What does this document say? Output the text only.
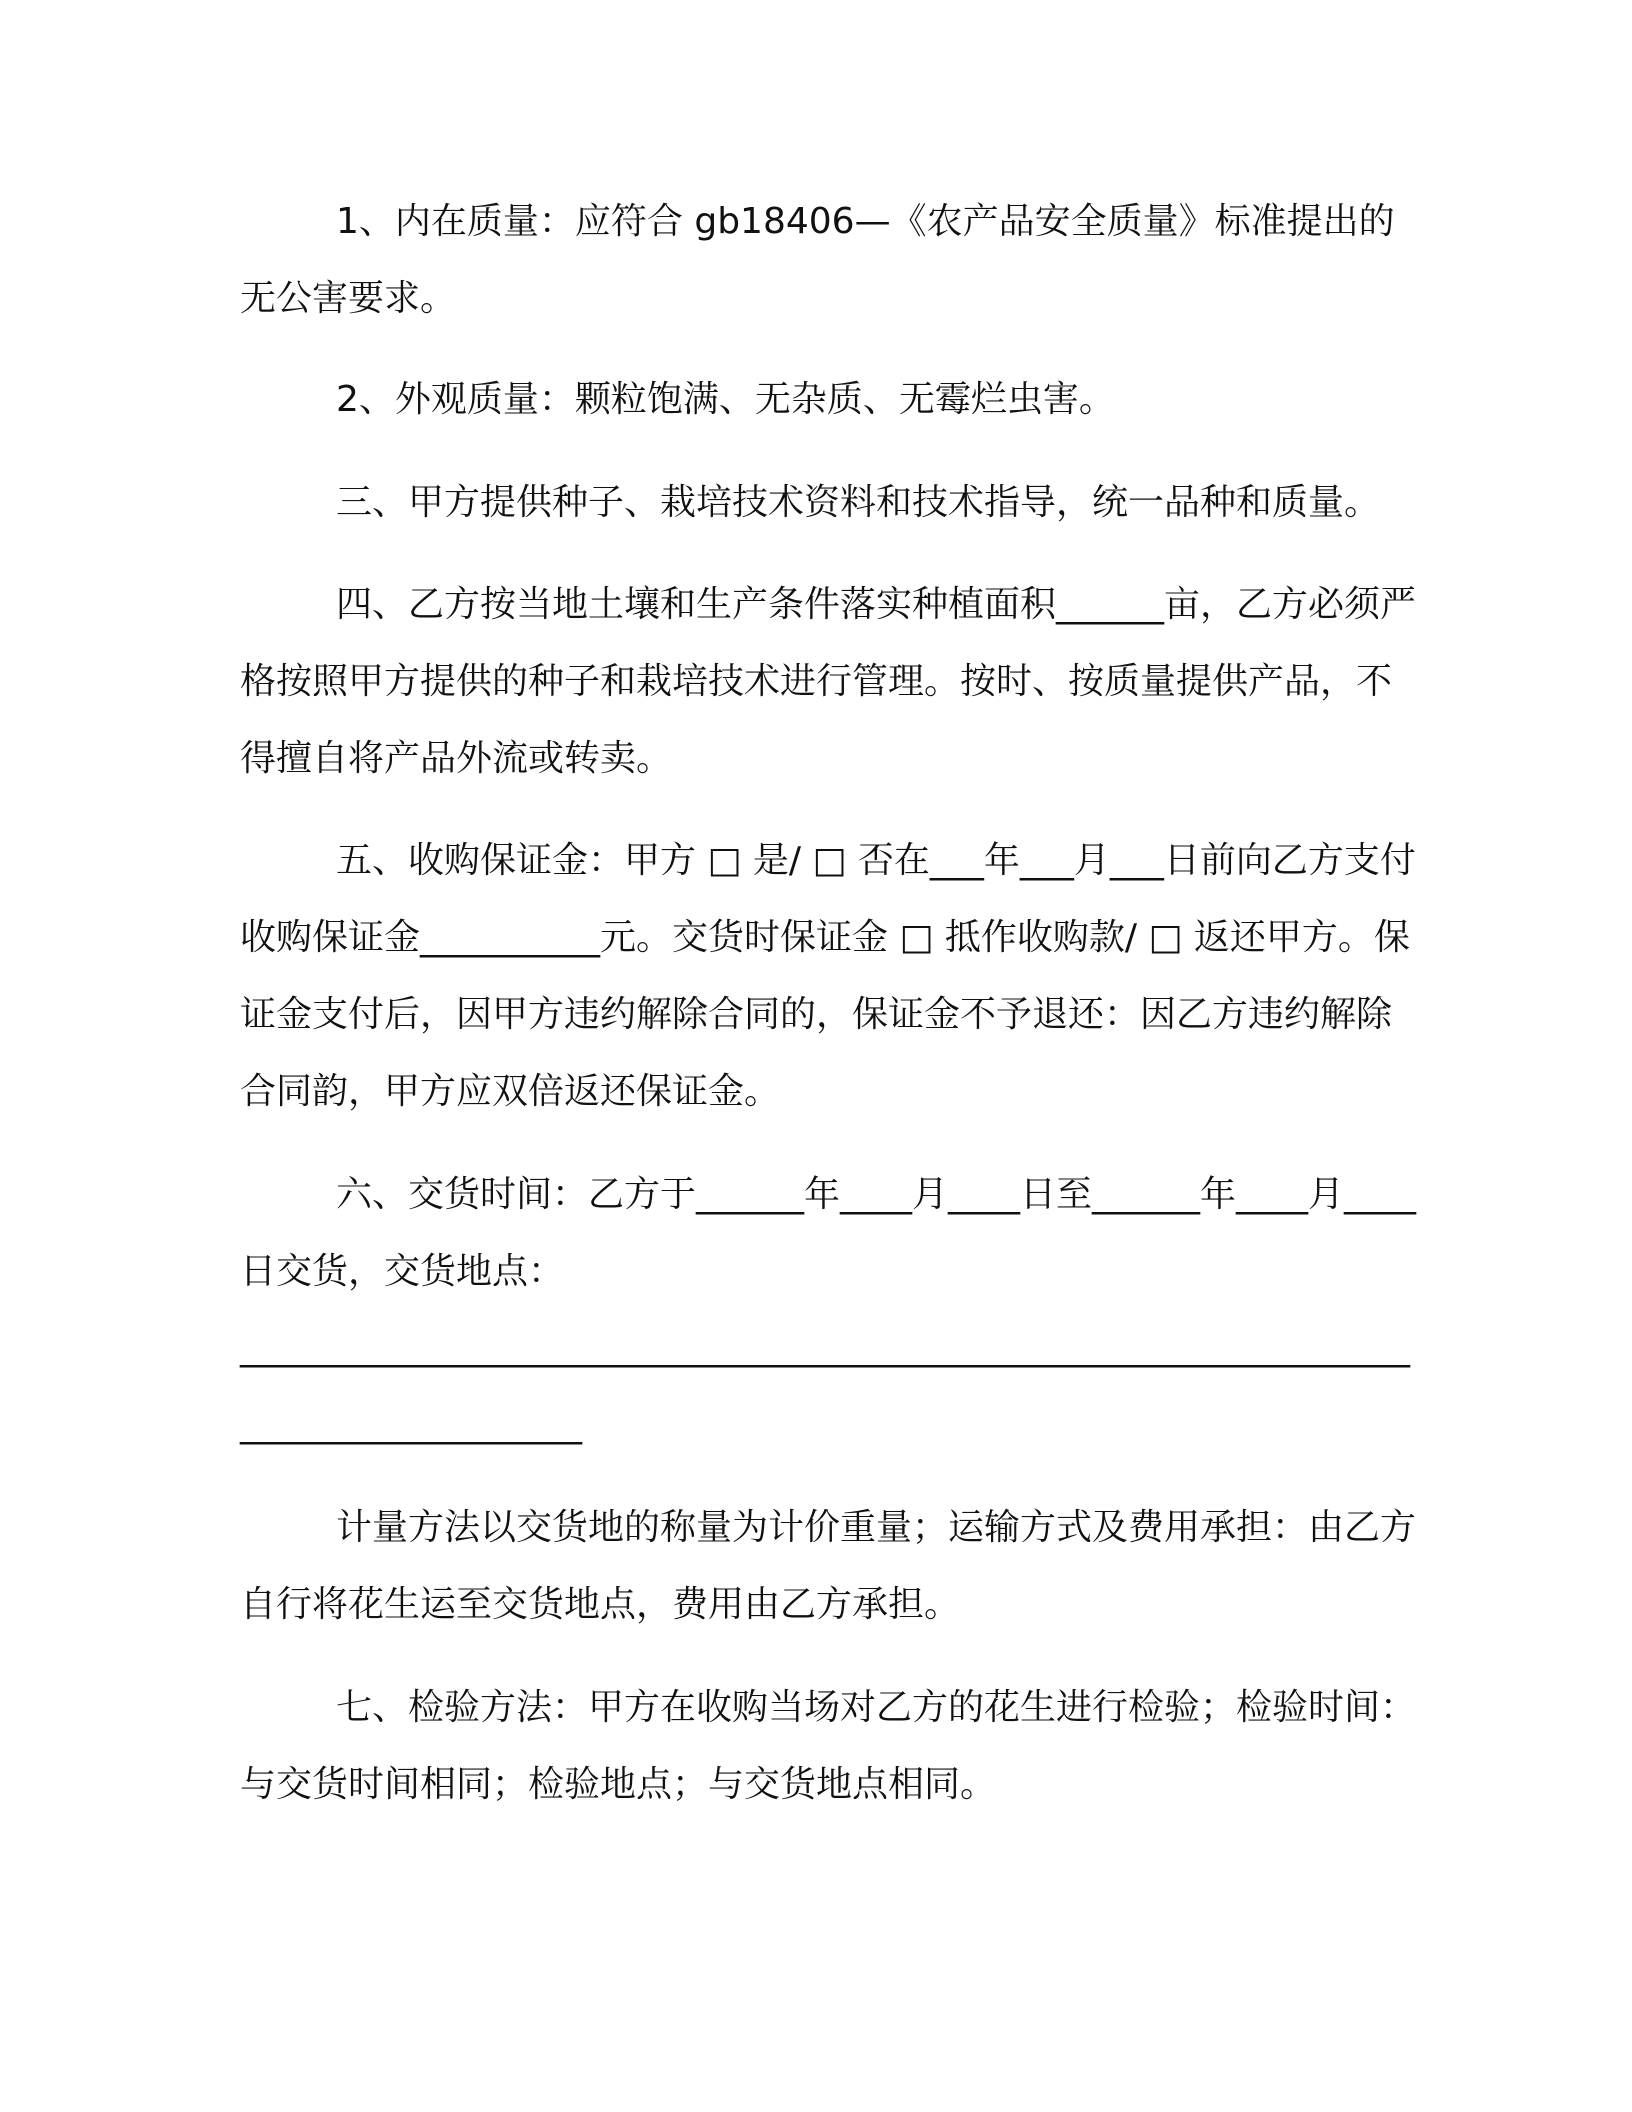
1、内在质量：应符合 gb18406—《农产品安全质量》标准提出的无公害要求。

2、外观质量：颗粒饱满、无杂质、无霉烂虫害。

三、甲方提供种子、栽培技术资料和技术指导，统一品种和质量。

四、乙方按当地土壤和生产条件落实种植面积______亩，乙方必须严格按照甲方提供的种子和栽培技术进行管理。按时、按质量提供产品，不得擅自将产品外流或转卖。

五、收购保证金：甲方 □ 是/ □ 否在___年___月___日前向乙方支付收购保证金__________元。交货时保证金 □ 抵作收购款/ □ 返还甲方。保证金支付后，因甲方违约解除合同的，保证金不予退还：因乙方违约解除合同韵，甲方应双倍返还保证金。

六、交货时间：乙方于______年____月____日至______年____月____日交货，交货地点：

____________________________________________________________________________________

计量方法以交货地的称量为计价重量；运输方式及费用承担：由乙方自行将花生运至交货地点，费用由乙方承担。

七、检验方法：甲方在收购当场对乙方的花生进行检验；检验时间：与交货时间相同；检验地点；与交货地点相同。
